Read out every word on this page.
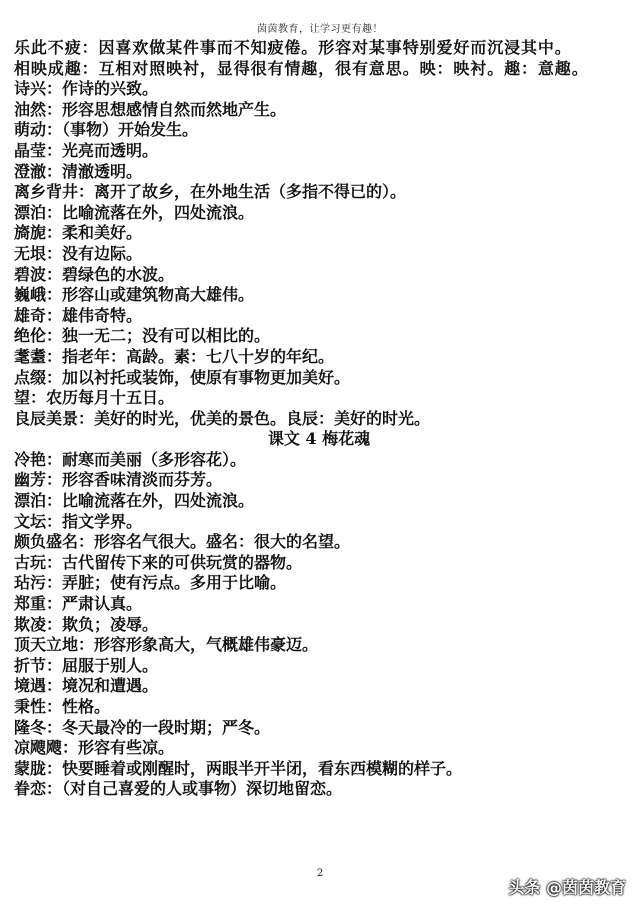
茵茵教育，让学习更有趣！

乐此不疲：因喜欢做某件事而不知疲倦。形容对某事特别爱好而沉浸其中。

相映成趣：互相对照映衬，显得很有情趣，很有意思。映：映衬。趣：意趣。

诗兴：作诗的兴致。

油然：形容思想感情自然而然地产生。

萌动：（事物）开始发生。

晶莹：光亮而透明。

澄澈：清澈透明。

离乡背井：离开了故乡，在外地生活（多指不得已的）。

漂泊：比喻流落在外，四处流浪。

旖旎：柔和美好。

无垠：没有边际。

碧波：碧绿色的水波。

巍峨：形容山或建筑物高大雄伟。

雄奇：雄伟奇特。

绝伦：独一无二；没有可以相比的。

耄耋：指老年：高龄。素：七八十岁的年纪。

点缀：加以衬托或装饰，使原有事物更加美好。

望：农历每月十五日。

良辰美景：美好的时光，优美的景色。良辰：美好的时光。

课文 4 梅花魂

冷艳：耐寒而美丽（多形容花）。

幽芳：形容香味清淡而芬芳。

漂泊：比喻流落在外，四处流浪。

文坛：指文学界。

颇负盛名：形容名气很大。盛名：很大的名望。

古玩：古代留传下来的可供玩赏的器物。

玷污：弄脏；使有污点。多用于比喻。

郑重：严肃认真。

欺凌：欺负；凌辱。

顶天立地：形容形象高大，气概雄伟豪迈。

折节：屈服于别人。

境遇：境况和遭遇。

秉性：性格。

隆冬：冬天最冷的一段时期；严冬。

凉飕飕：形容有些凉。

蒙胧：快要睡着或刚醒时，两眼半开半闭，看东西模糊的样子。

眷恋：（对自己喜爱的人或事物）深切地留恋。

2
头条 @茵茵教育
